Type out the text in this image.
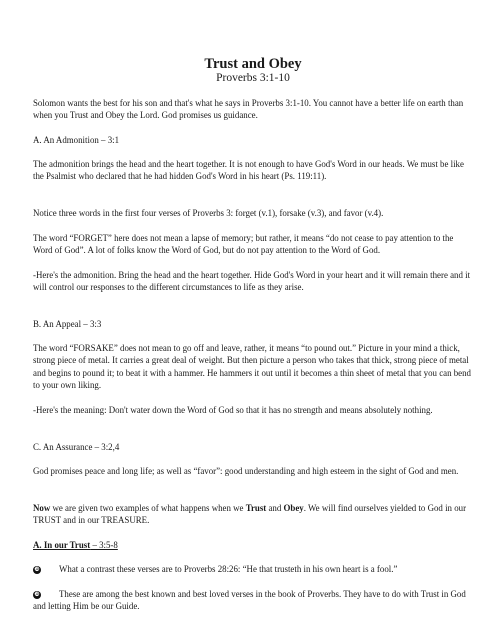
Trust and Obey
Proverbs 3:1-10

Solomon wants the best for his son and that's what he says in Proverbs 3:1-10. You cannot have a better life on earth than when you Trust and Obey the Lord. God promises us guidance.

A. An Admonition – 3:1

The admonition brings the head and the heart together. It is not enough to have God's Word in our heads. We must be like the Psalmist who declared that he had hidden God's Word in his heart (Ps. 119:11).

Notice three words in the first four verses of Proverbs 3: forget (v.1), forsake (v.3), and favor (v.4).

The word “FORGET” here does not mean a lapse of memory; but rather, it means “do not cease to pay attention to the Word of God”. A lot of folks know the Word of God, but do not pay attention to the Word of God.

-Here's the admonition. Bring the head and the heart together. Hide God's Word in your heart and it will remain there and it will control our responses to the different circumstances to life as they arise.

B. An Appeal – 3:3

The word “FORSAKE” does not mean to go off and leave, rather, it means “to pound out.” Picture in your mind a thick, strong piece of metal. It carries a great deal of weight. But then picture a person who takes that thick, strong piece of metal and begins to pound it; to beat it with a hammer. He hammers it out until it becomes a thin sheet of metal that you can bend to your own liking.

-Here's the meaning: Don't water down the Word of God so that it has no strength and means absolutely nothing.

C. An Assurance – 3:2,4

God promises peace and long life; as well as “favor”: good understanding and high esteem in the sight of God and men.

Now we are given two examples of what happens when we Trust and Obey. We will find ourselves yielded to God in our TRUST and in our TREASURE.

A. In our Trust – 3:5-8

❿ What a contrast these verses are to Proverbs 28:26: “He that trusteth in his own heart is a fool.”

❿ These are among the best known and best loved verses in the book of Proverbs. They have to do with Trust in God and letting Him be our Guide.
